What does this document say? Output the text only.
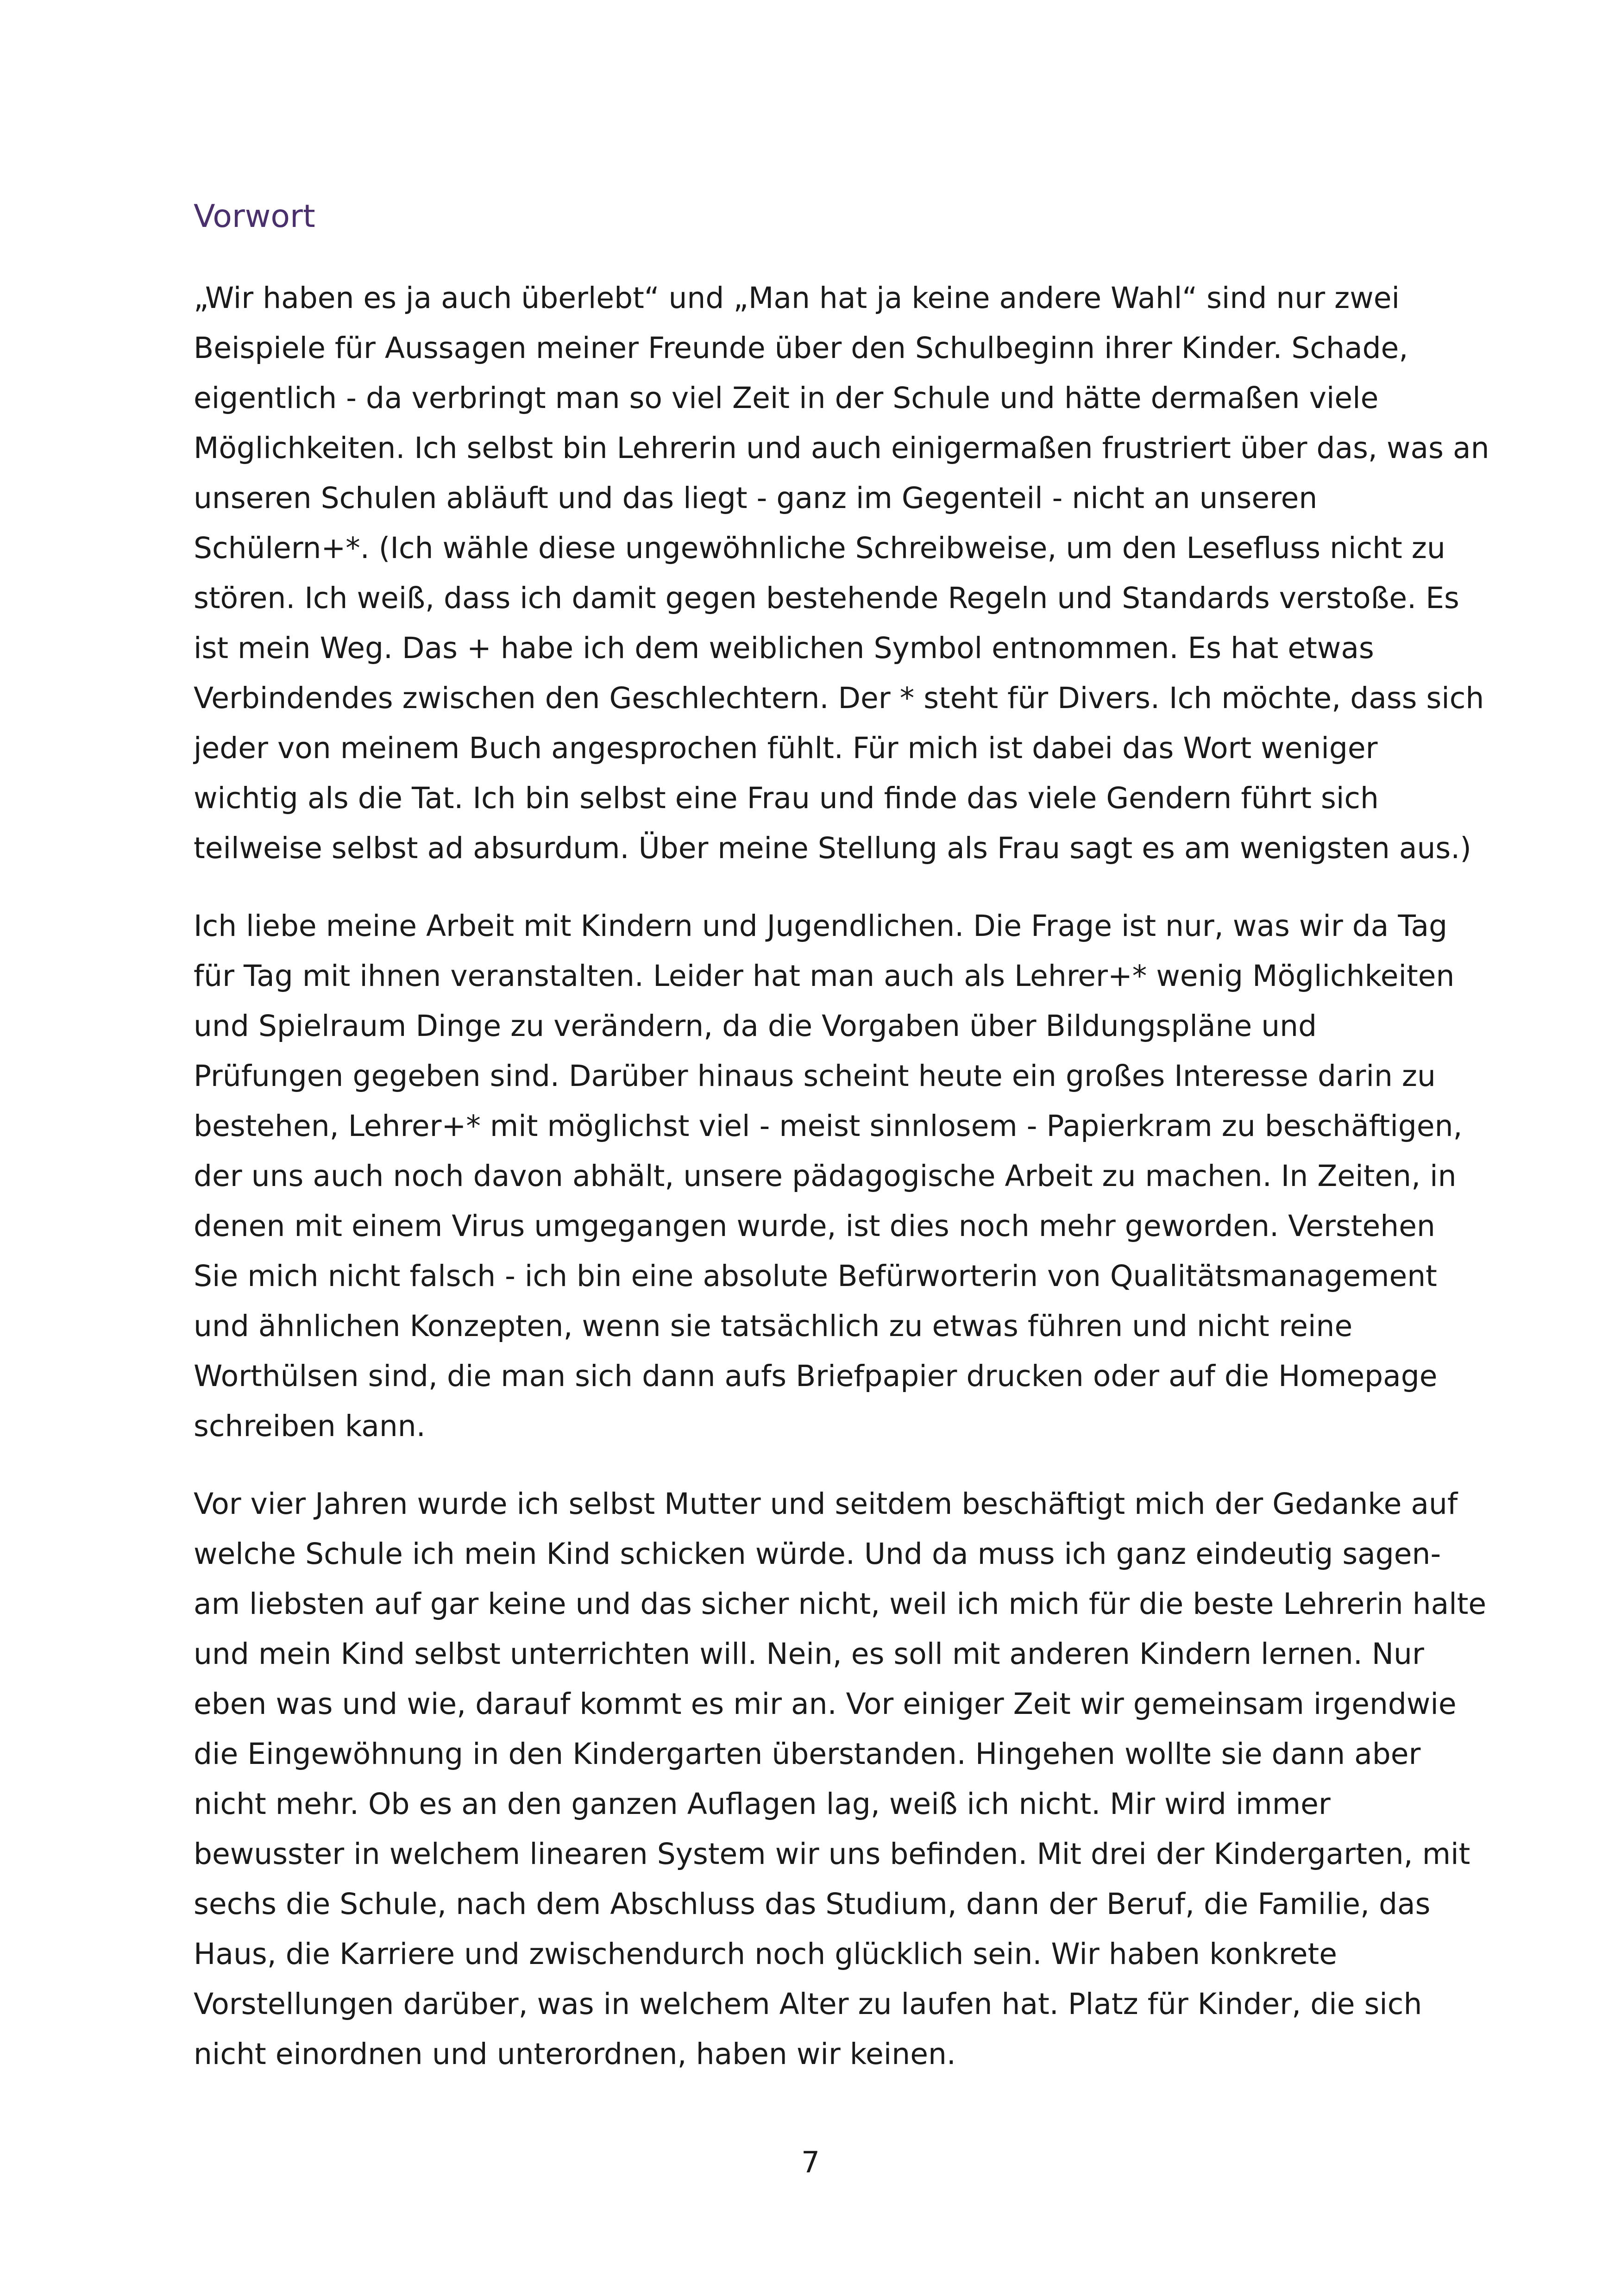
Vorwort

„Wir haben es ja auch überlebt“ und „Man hat ja keine andere Wahl“ sind nur zwei
Beispiele für Aussagen meiner Freunde über den Schulbeginn ihrer Kinder. Schade,
eigentlich - da verbringt man so viel Zeit in der Schule und hätte dermaßen viele
Möglichkeiten. Ich selbst bin Lehrerin und auch einigermaßen frustriert über das, was an
unseren Schulen abläuft und das liegt - ganz im Gegenteil - nicht an unseren
Schülern+*. (Ich wähle diese ungewöhnliche Schreibweise, um den Lesefluss nicht zu
stören. Ich weiß, dass ich damit gegen bestehende Regeln und Standards verstoße. Es
ist mein Weg. Das + habe ich dem weiblichen Symbol entnommen. Es hat etwas
Verbindendes zwischen den Geschlechtern. Der * steht für Divers. Ich möchte, dass sich
jeder von meinem Buch angesprochen fühlt. Für mich ist dabei das Wort weniger
wichtig als die Tat. Ich bin selbst eine Frau und finde das viele Gendern führt sich
teilweise selbst ad absurdum. Über meine Stellung als Frau sagt es am wenigsten aus.)

Ich liebe meine Arbeit mit Kindern und Jugendlichen. Die Frage ist nur, was wir da Tag
für Tag mit ihnen veranstalten. Leider hat man auch als Lehrer+* wenig Möglichkeiten
und Spielraum Dinge zu verändern, da die Vorgaben über Bildungspläne und
Prüfungen gegeben sind. Darüber hinaus scheint heute ein großes Interesse darin zu
bestehen, Lehrer+* mit möglichst viel - meist sinnlosem - Papierkram zu beschäftigen,
der uns auch noch davon abhält, unsere pädagogische Arbeit zu machen. In Zeiten, in
denen mit einem Virus umgegangen wurde, ist dies noch mehr geworden. Verstehen
Sie mich nicht falsch - ich bin eine absolute Befürworterin von Qualitätsmanagement
und ähnlichen Konzepten, wenn sie tatsächlich zu etwas führen und nicht reine
Worthülsen sind, die man sich dann aufs Briefpapier drucken oder auf die Homepage
schreiben kann.

Vor vier Jahren wurde ich selbst Mutter und seitdem beschäftigt mich der Gedanke auf
welche Schule ich mein Kind schicken würde. Und da muss ich ganz eindeutig sagen-
am liebsten auf gar keine und das sicher nicht, weil ich mich für die beste Lehrerin halte
und mein Kind selbst unterrichten will. Nein, es soll mit anderen Kindern lernen. Nur
eben was und wie, darauf kommt es mir an. Vor einiger Zeit wir gemeinsam irgendwie
die Eingewöhnung in den Kindergarten überstanden. Hingehen wollte sie dann aber
nicht mehr. Ob es an den ganzen Auflagen lag, weiß ich nicht. Mir wird immer
bewusster in welchem linearen System wir uns befinden. Mit drei der Kindergarten, mit
sechs die Schule, nach dem Abschluss das Studium, dann der Beruf, die Familie, das
Haus, die Karriere und zwischendurch noch glücklich sein. Wir haben konkrete
Vorstellungen darüber, was in welchem Alter zu laufen hat. Platz für Kinder, die sich
nicht einordnen und unterordnen, haben wir keinen.

7
